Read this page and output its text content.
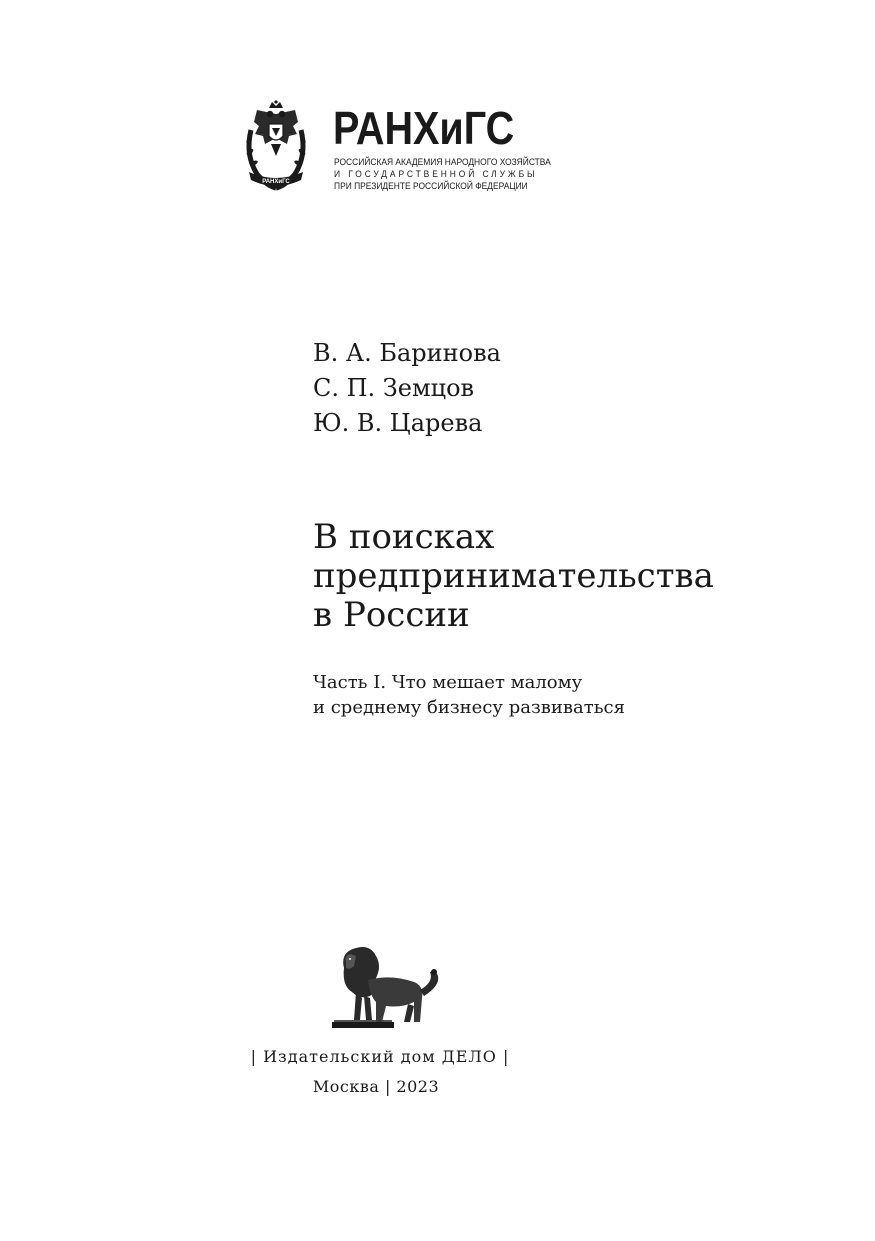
РАНХиГС
РАНХиГС
РОССИЙСКАЯ АКАДЕМИЯ НАРОДНОГО ХОЗЯЙСТВА
И ГОСУДАРСТВЕННОЙ СЛУЖБЫ
ПРИ ПРЕЗИДЕНТЕ РОССИЙСКОЙ ФЕДЕРАЦИИ
В. А. Баринова
С. П. Земцов
Ю. В. Царева
В поисках
предпринимательства
в России
Часть I. Что мешает малому
и среднему бизнесу развиваться
| Издательский дом ДЕЛО |
Москва | 2023
